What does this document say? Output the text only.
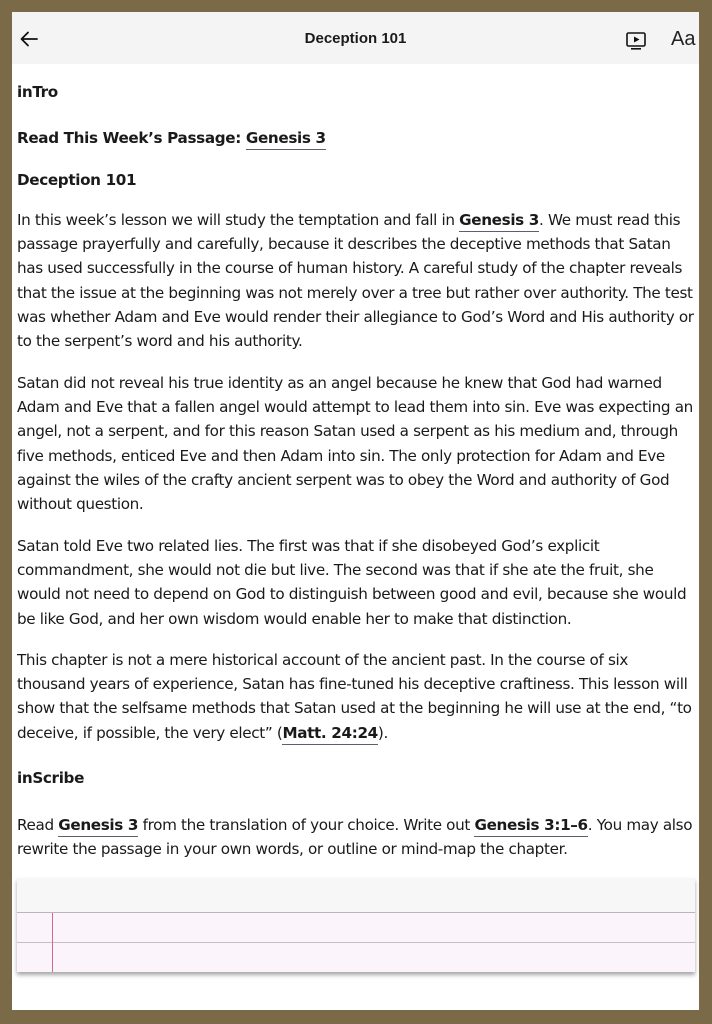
Deception 101	Aa
inTro
Read This Week’s Passage: Genesis 3
Deception 101

In this week’s lesson we will study the temptation and fall in Genesis 3. We must read this passage prayerfully and carefully, because it describes the deceptive methods that Satan has used successfully in the course of human history. A careful study of the chapter reveals that the issue at the beginning was not merely over a tree but rather over authority. The test was whether Adam and Eve would render their allegiance to God’s Word and His authority or to the serpent’s word and his authority.

Satan did not reveal his true identity as an angel because he knew that God had warned Adam and Eve that a fallen angel would attempt to lead them into sin. Eve was expecting an angel, not a serpent, and for this reason Satan used a serpent as his medium and, through five methods, enticed Eve and then Adam into sin. The only protection for Adam and Eve against the wiles of the crafty ancient serpent was to obey the Word and authority of God without question.

Satan told Eve two related lies. The first was that if she disobeyed God’s explicit commandment, she would not die but live. The second was that if she ate the fruit, she would not need to depend on God to distinguish between good and evil, because she would be like God, and her own wisdom would enable her to make that distinction.

This chapter is not a mere historical account of the ancient past. In the course of six thousand years of experience, Satan has fine-tuned his deceptive craftiness. This lesson will show that the selfsame methods that Satan used at the beginning he will use at the end, “to deceive, if possible, the very elect” (Matt. 24:24).

inScribe

Read Genesis 3 from the translation of your choice. Write out Genesis 3:1–6. You may also rewrite the passage in your own words, or outline or mind-map the chapter.
